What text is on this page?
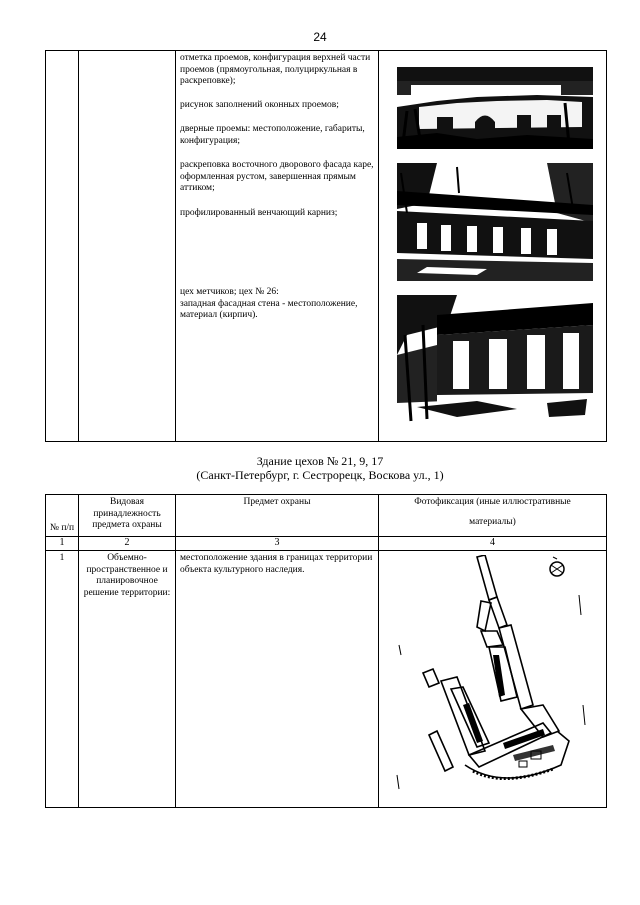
24

отметка проемов, конфигурация верхней части проемов (прямоугольная, полуциркульная в раскреповке);
рисунок заполнений оконных проемов;
дверные проемы: местоположение, габариты, конфигурация;
раскреповка восточного дворового фасада каре, оформленная рустом, завершенная прямым аттиком;
профилированный венчающий карниз;
цех метчиков; цех № 26:
западная фасадная стена - местоположение, материал (кирпич).

Здание цехов № 21, 9, 17
(Санкт-Петербург, г. Сестрорецк, Воскова ул., 1)
№ п/п	Видовая принадлежность предмета охраны	Предмет охраны	Фотофиксация (иные иллюстративные
материалы)

1	2	3	4
1	Объемно-пространственное и планировочное решение территории:	местоположение здания в границах территории объекта культурного наследия.	
